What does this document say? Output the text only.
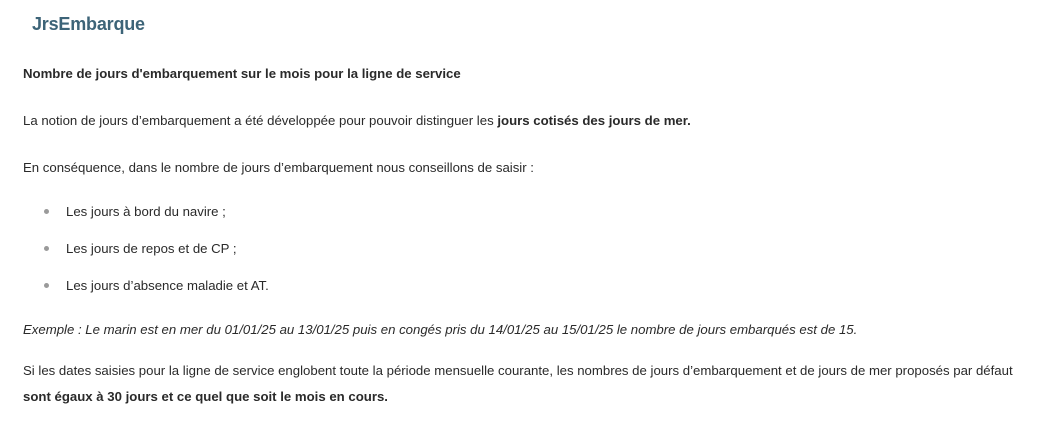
JrsEmbarque

Nombre de jours d'embarquement sur le mois pour la ligne de service

La notion de jours d’embarquement a été développée pour pouvoir distinguer les jours cotisés des jours de mer.

En conséquence, dans le nombre de jours d’embarquement nous conseillons de saisir :

Les jours à bord du navire ;
Les jours de repos et de CP ;
Les jours d’absence maladie et AT.

Exemple : Le marin est en mer du 01/01/25 au 13/01/25 puis en congés pris du 14/01/25 au 15/01/25 le nombre de jours embarqués est de 15.

Si les dates saisies pour la ligne de service englobent toute la période mensuelle courante, les nombres de jours d’embarquement et de jours de mer proposés par défaut sont égaux à 30 jours et ce quel que soit le mois en cours.
